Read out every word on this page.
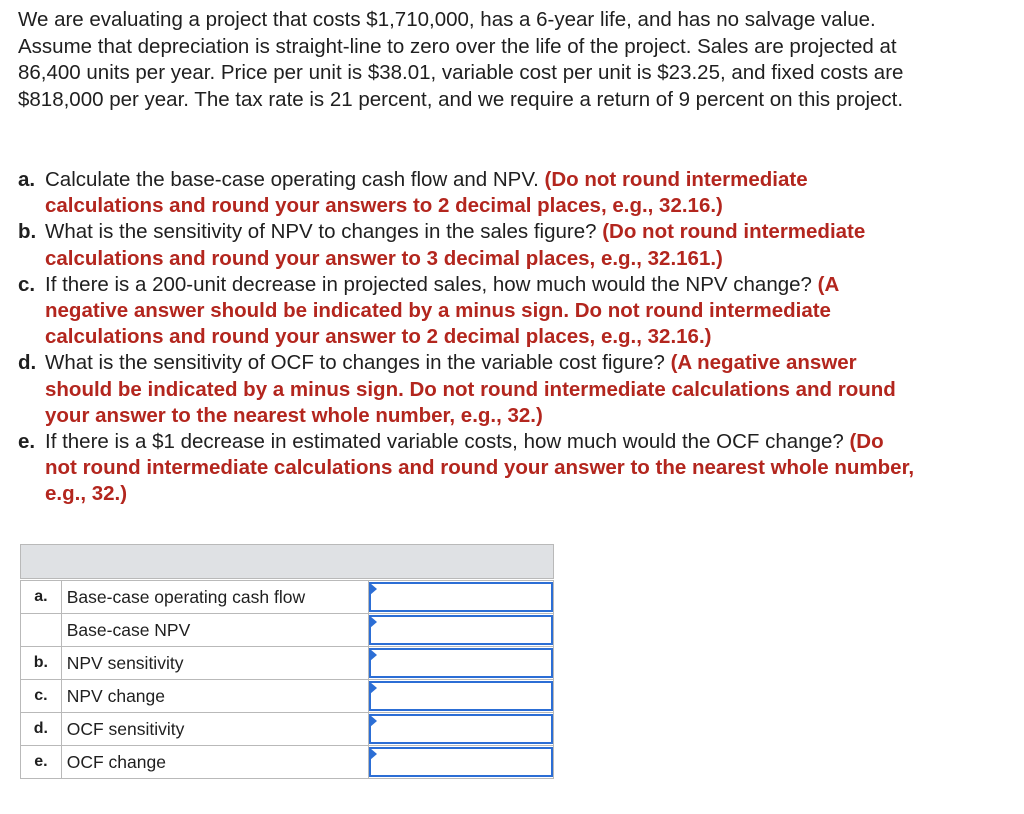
We are evaluating a project that costs $1,710,000, has a 6-year life, and has no salvage value. Assume that depreciation is straight-line to zero over the life of the project. Sales are projected at 86,400 units per year. Price per unit is $38.01, variable cost per unit is $23.25, and fixed costs are $818,000 per year. The tax rate is 21 percent, and we require a return of 9 percent on this project.

a. Calculate the base-case operating cash flow and NPV. (Do not round intermediate calculations and round your answers to 2 decimal places, e.g., 32.16.)
b. What is the sensitivity of NPV to changes in the sales figure? (Do not round intermediate calculations and round your answer to 3 decimal places, e.g., 32.161.)
c. If there is a 200-unit decrease in projected sales, how much would the NPV change? (A negative answer should be indicated by a minus sign. Do not round intermediate calculations and round your answer to 2 decimal places, e.g., 32.16.)
d. What is the sensitivity of OCF to changes in the variable cost figure? (A negative answer should be indicated by a minus sign. Do not round intermediate calculations and round your answer to the nearest whole number, e.g., 32.)
e. If there is a $1 decrease in estimated variable costs, how much would the OCF change? (Do not round intermediate calculations and round your answer to the nearest whole number, e.g., 32.)

a.	Base-case operating cash flow	

	Base-case NPV	

b.	NPV sensitivity	

c.	NPV change	

d.	OCF sensitivity	

e.	OCF change	
